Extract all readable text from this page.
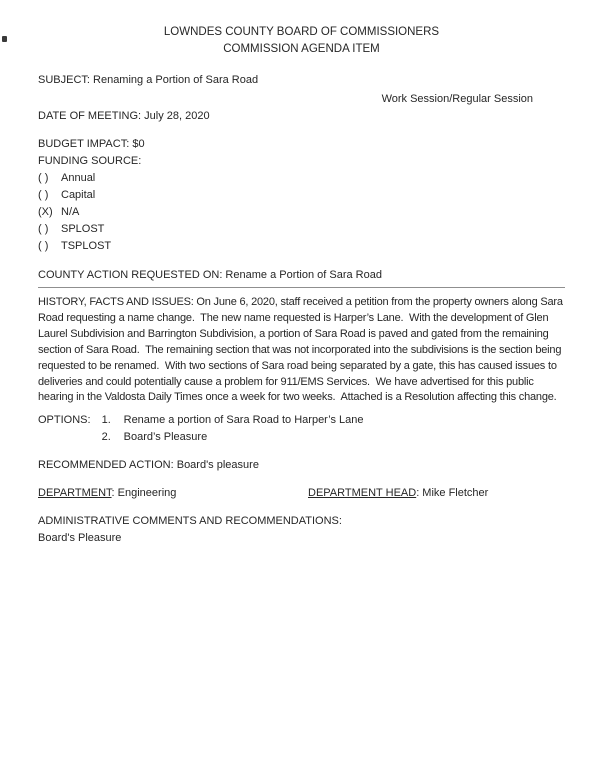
LOWNDES COUNTY BOARD OF COMMISSIONERS
COMMISSION AGENDA ITEM
SUBJECT: Renaming a Portion of Sara Road
Work Session/Regular Session
DATE OF MEETING: July 28, 2020
BUDGET IMPACT: $0
FUNDING SOURCE:
( )	Annual
( )	Capital
(X) N/A
( )	SPLOST
( )	TSPLOST
COUNTY ACTION REQUESTED ON: Rename a Portion of Sara Road
HISTORY, FACTS AND ISSUES: On June 6, 2020, staff received a petition from the property owners along Sara Road requesting a name change.  The new name requested is Harper’s Lane.  With the development of Glen Laurel Subdivision and Barrington Subdivision, a portion of Sara Road is paved and gated from the remaining section of Sara Road.  The remaining section that was not incorporated into the subdivisions is the section being requested to be renamed.  With two sections of Sara road being separated by a gate, this has caused issues to deliveries and could potentially cause a problem for 911/EMS Services.  We have advertised for this public hearing in the Valdosta Daily Times once a week for two weeks.  Attached is a Resolution affecting this change.
OPTIONS: 1.	Rename a portion of Sara Road to Harper’s Lane
2.	Board’s Pleasure
RECOMMENDED ACTION: Board's pleasure
DEPARTMENT: Engineering	DEPARTMENT HEAD: Mike Fletcher
ADMINISTRATIVE COMMENTS AND RECOMMENDATIONS:
Board's Pleasure
